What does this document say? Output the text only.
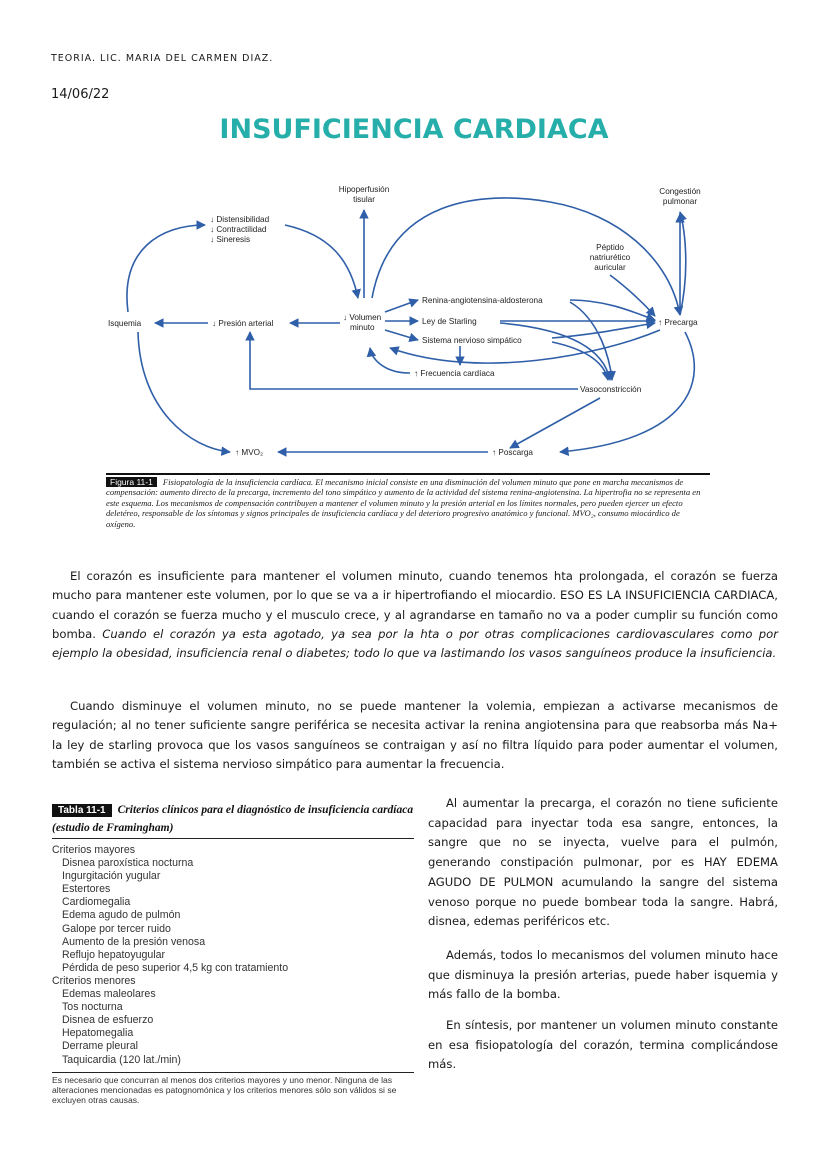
TEORIA. LIC. MARIA DEL CARMEN DIAZ.
14/06/22
INSUFICIENCIA CARDIACA
Hipoperfusión
tisular
Congestión
pulmonar
↓ Distensibilidad
↓ Contractilidad
↓ Sineresis
Péptido
natriurético
auricular
Renina-angiotensina-aldosterona
Ley de Starling
Sistema nervioso simpático
Isquemia	↓ Presión arterial
↓ Volumen
minuto
↑ Precarga
↑ Frecuencia cardíaca
Vasoconstricción
↑ MVO₂	↑ Poscarga
Figura 11-1 Fisiopatología de la insuficiencia cardíaca. El mecanismo inicial consiste en una disminución del volumen minuto que pone en marcha mecanismos de compensación: aumento directo de la precarga, incremento del tono simpático y aumento de la actividad del sistema renina-angiotensina. La hipertrofia no se representa en este esquema. Los mecanismos de compensación contribuyen a mantener el volumen minuto y la presión arterial en los límites normales, pero pueden ejercer un efecto deletéreo, responsable de los síntomas y signos principales de insuficiencia cardíaca y del deterioro progresivo anatómico y funcional. MVO₂, consumo miocárdico de oxígeno.
El corazón es insuficiente para mantener el volumen minuto, cuando tenemos hta prolongada, el corazón se fuerza mucho para mantener este volumen, por lo que se va a ir hipertrofiando el miocardio. ESO ES LA INSUFICIENCIA CARDIACA, cuando el corazón se fuerza mucho y el musculo crece, y al agrandarse en tamaño no va a poder cumplir su función como bomba. Cuando el corazón ya esta agotado, ya sea por la hta o por otras complicaciones cardiovasculares como por ejemplo la obesidad, insuficiencia renal o diabetes; todo lo que va lastimando los vasos sanguíneos produce la insuficiencia.
Cuando disminuye el volumen minuto, no se puede mantener la volemia, empiezan a activarse mecanismos de regulación; al no tener suficiente sangre periférica se necesita activar la renina angiotensina para que reabsorba más Na+ la ley de starling provoca que los vasos sanguíneos se contraigan y así no filtra líquido para poder aumentar el volumen, también se activa el sistema nervioso simpático para aumentar la frecuencia.
Tabla 11-1 Criterios clínicos para el diagnóstico de insuficiencia cardíaca (estudio de Framingham)
Criterios mayores
Disnea paroxística nocturna
Ingurgitación yugular
Estertores
Cardiomegalia
Edema agudo de pulmón
Galope por tercer ruido
Aumento de la presión venosa
Reflujo hepatoyugular
Pérdida de peso superior 4,5 kg con tratamiento
Criterios menores
Edemas maleolares
Tos nocturna
Disnea de esfuerzo
Hepatomegalia
Derrame pleural
Taquicardia (120 lat./min)
Es necesario que concurran al menos dos criterios mayores y uno menor. Ninguna de las alteraciones mencionadas es patognomónica y los criterios menores sólo son válidos si se excluyen otras causas.
Al aumentar la precarga, el corazón no tiene suficiente capacidad para inyectar toda esa sangre, entonces, la sangre que no se inyecta, vuelve para el pulmón, generando constipación pulmonar, por es HAY EDEMA AGUDO DE PULMON acumulando la sangre del sistema venoso porque no puede bombear toda la sangre. Habrá, disnea, edemas periféricos etc.
Además, todos lo mecanismos del volumen minuto hace que disminuya la presión arterias, puede haber isquemia y más fallo de la bomba.
En síntesis, por mantener un volumen minuto constante en esa fisiopatología del corazón, termina complicándose más.
